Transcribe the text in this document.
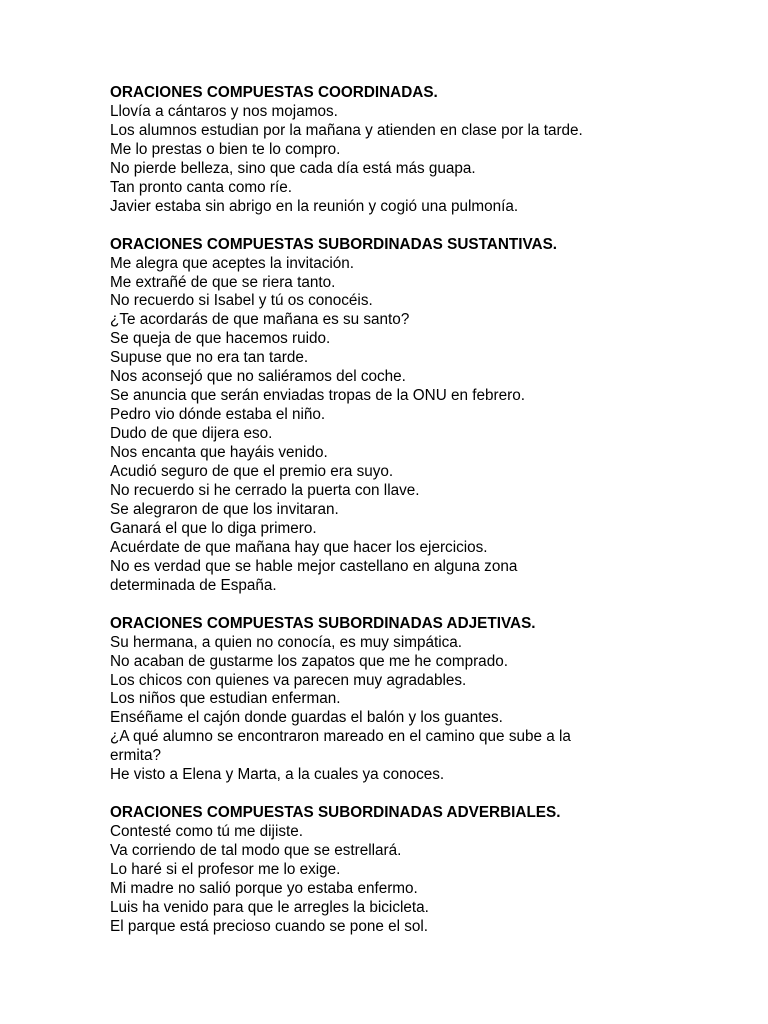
ORACIONES COMPUESTAS COORDINADAS.
Llovía a cántaros y nos mojamos.
Los alumnos estudian por la mañana y atienden en clase por la tarde.
Me lo prestas o bien te lo compro.
No pierde belleza, sino que cada día está más guapa.
Tan pronto canta como ríe.
Javier estaba sin abrigo en la reunión y cogió una pulmonía.
ORACIONES COMPUESTAS SUBORDINADAS SUSTANTIVAS.
Me alegra que aceptes la invitación.
Me extrañé de que se riera tanto.
No recuerdo si Isabel y tú os conocéis.
¿Te acordarás de que mañana es su santo?
Se queja de que hacemos ruido.
Supuse que no era tan tarde.
Nos aconsejó que no saliéramos del coche.
Se anuncia que serán enviadas tropas de la ONU en febrero.
Pedro vio dónde estaba el niño.
Dudo de que dijera eso.
Nos encanta que hayáis venido.
Acudió seguro de que el premio era suyo.
No recuerdo si he cerrado la puerta con llave.
Se alegraron de que los invitaran.
Ganará el que lo diga primero.
Acuérdate de que mañana hay que hacer los ejercicios.
No es verdad que se hable mejor castellano en alguna zona
determinada de España.
ORACIONES COMPUESTAS SUBORDINADAS ADJETIVAS.
Su hermana, a quien no conocía, es muy simpática.
No acaban de gustarme los zapatos que me he comprado.
Los chicos con quienes va parecen muy agradables.
Los niños que estudian enferman.
Enséñame el cajón donde guardas el balón y los guantes.
¿A qué alumno se encontraron mareado en el camino que sube a la
ermita?
He visto a Elena y Marta, a la cuales ya conoces.
ORACIONES COMPUESTAS SUBORDINADAS ADVERBIALES.
Contesté como tú me dijiste.
Va corriendo de tal modo que se estrellará.
Lo haré si el profesor me lo exige.
Mi madre no salió porque yo estaba enfermo.
Luis ha venido para que le arregles la bicicleta.
El parque está precioso cuando se pone el sol.
